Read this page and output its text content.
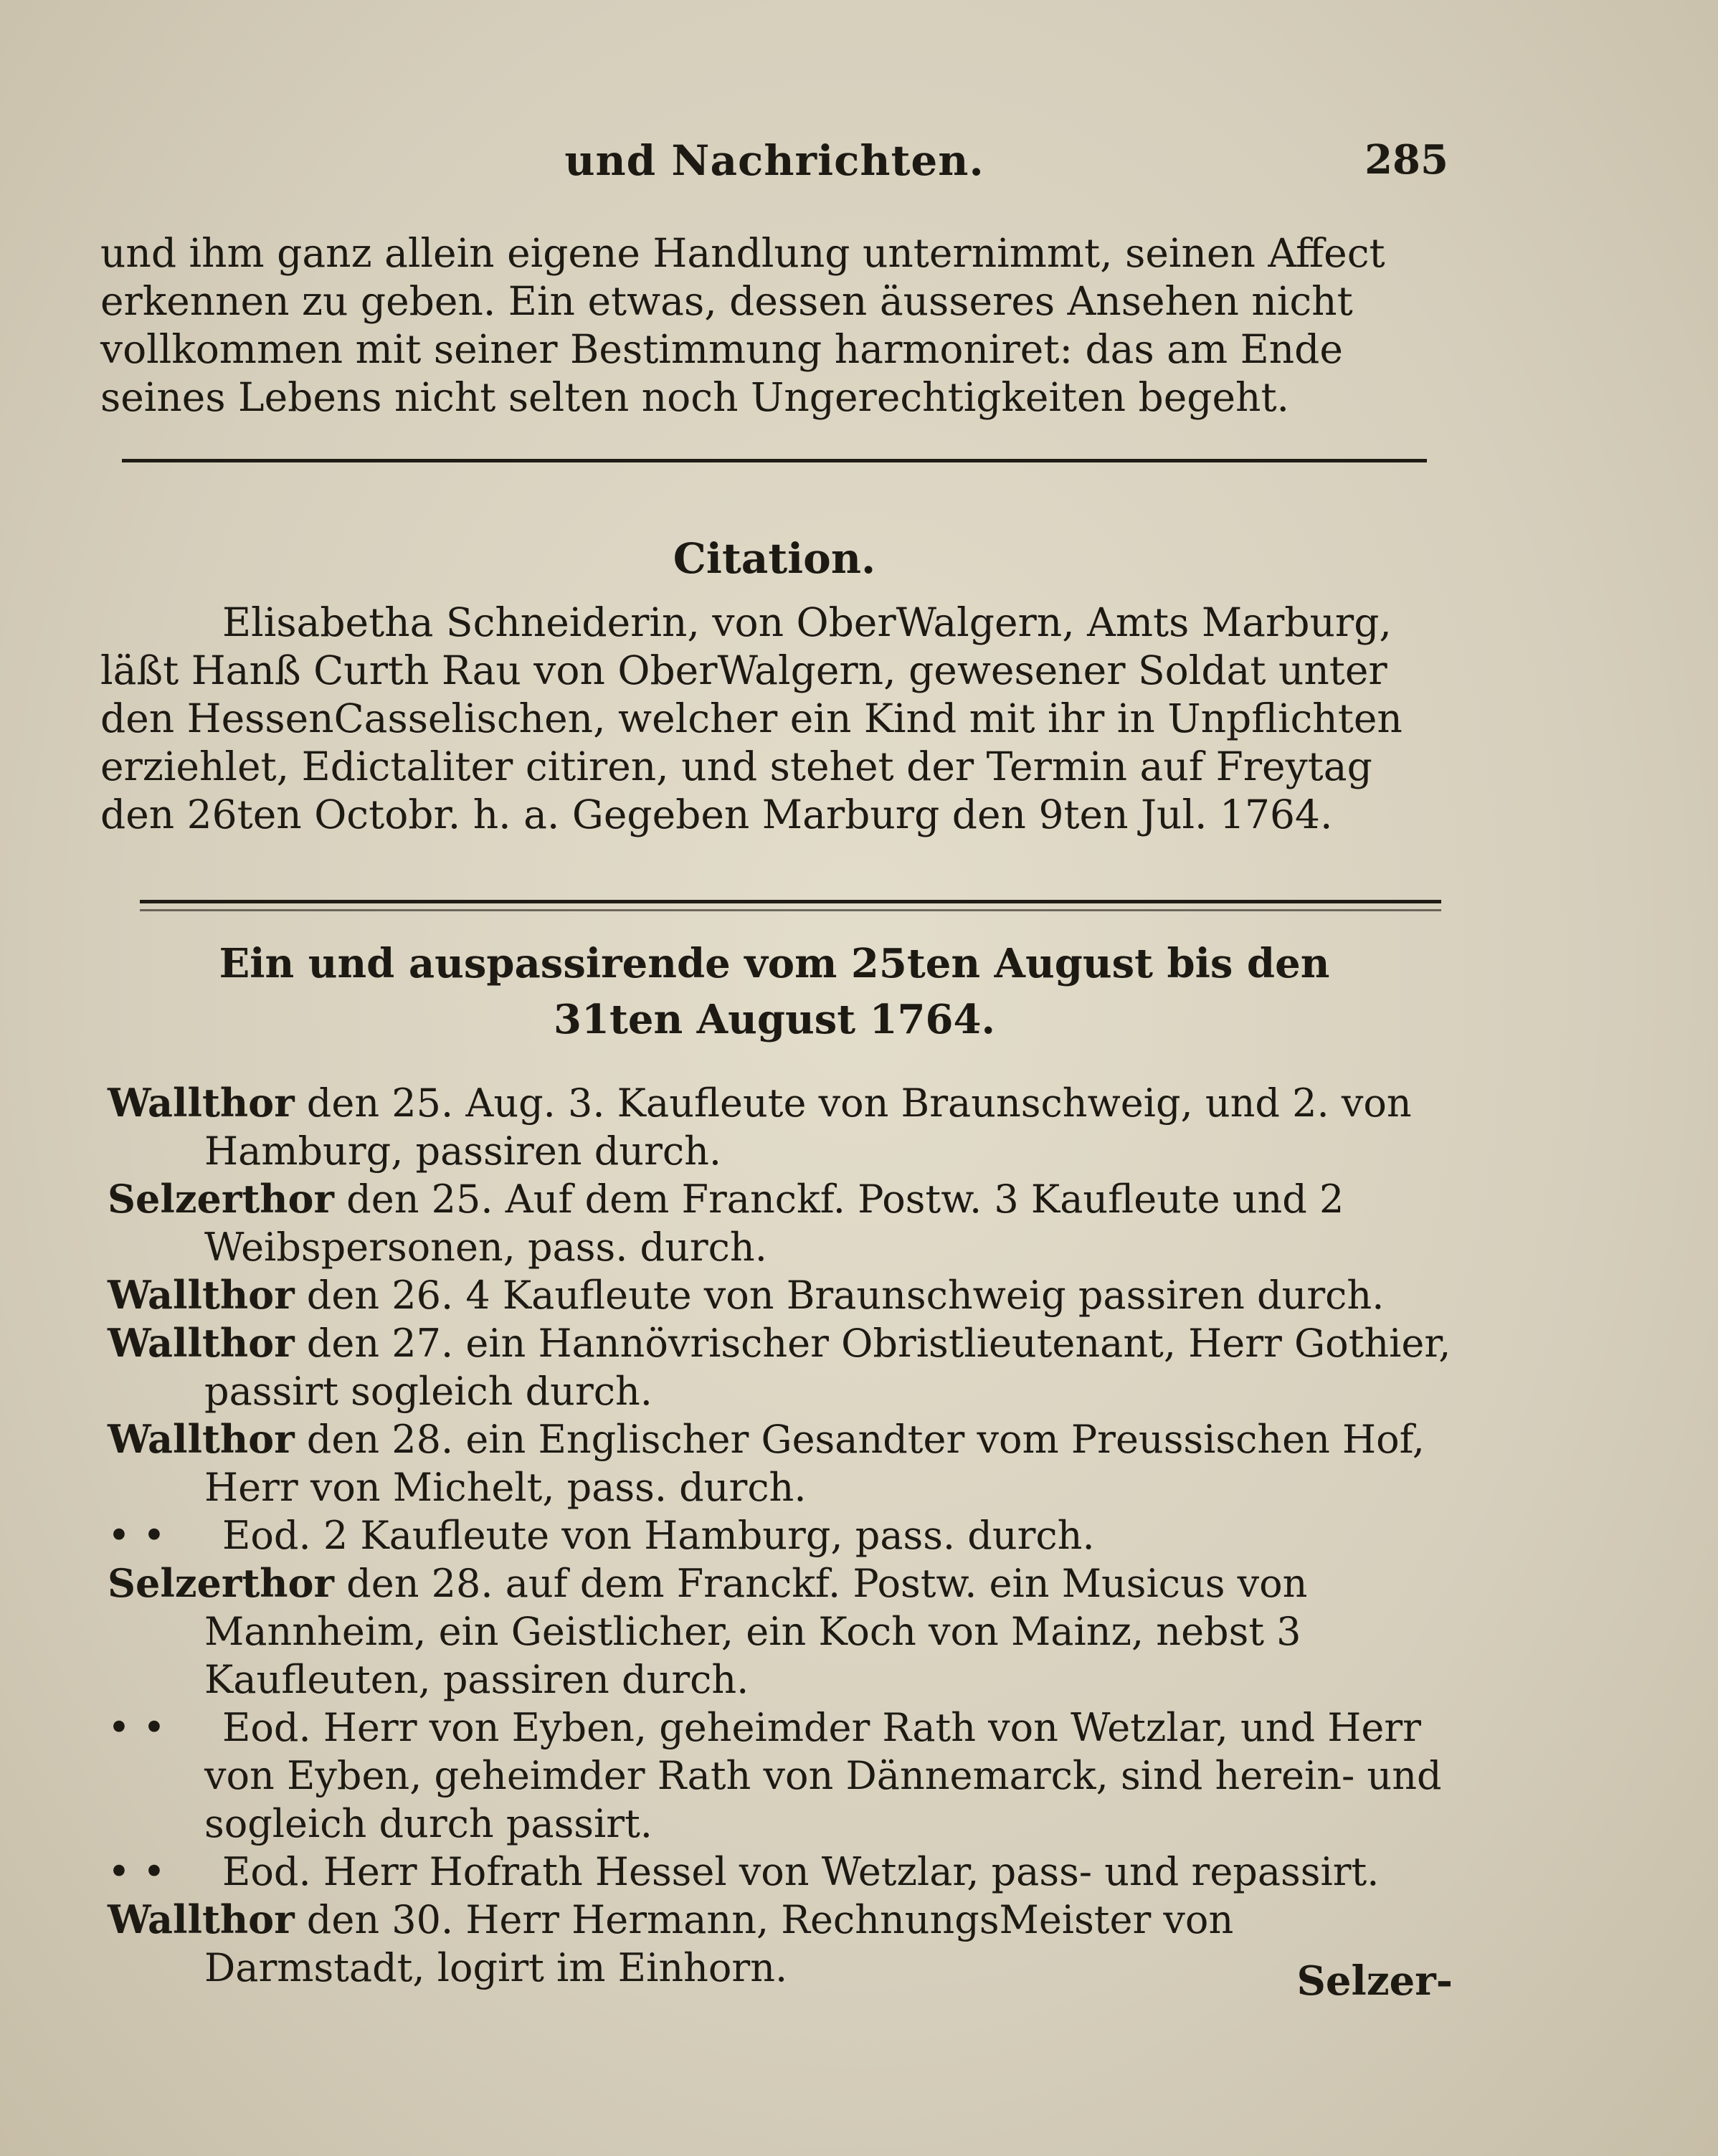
und Nachrichten.	285
und ihm ganz allein eigene Handlung unternimmt, seinen Affect erkennen zu geben. Ein etwas, dessen äusseres Ansehen nicht vollkommen mit seiner Bestimmung harmoniret: das am Ende seines Lebens nicht selten noch Ungerechtigkeiten begeht.
Citation.
Elisabetha Schneiderin, von OberWalgern, Amts Marburg, läßt Hanß Curth Rau von OberWalgern, gewesener Soldat unter den HessenCasselischen, welcher ein Kind mit ihr in Unpflichten erziehlet, Edictaliter citiren, und stehet der Termin auf Freytag den 26ten Octobr. h. a. Gegeben Marburg den 9ten Jul. 1764.
Ein und auspassirende vom 25ten August bis den
31ten August 1764.

Wallthor den 25. Aug. 3. Kaufleute von Braunschweig, und 2. von Hamburg, passiren durch.

Selzerthor den 25. Auf dem Franckf. Postw. 3 Kaufleute und 2 Weibspersonen, pass. durch.

Wallthor den 26. 4 Kaufleute von Braunschweig passiren durch.

Wallthor den 27. ein Hannövrischer Obristlieutenant, Herr Gothier, passirt sogleich durch.

Wallthor den 28. ein Englischer Gesandter vom Preussischen Hof, Herr von Michelt, pass. durch.

• • Eod. 2 Kaufleute von Hamburg, pass. durch.

Selzerthor den 28. auf dem Franckf. Postw. ein Musicus von Mannheim, ein Geistlicher, ein Koch von Mainz, nebst 3 Kaufleuten, passiren durch.

• • Eod. Herr von Eyben, geheimder Rath von Wetzlar, und Herr von Eyben, geheimder Rath von Dännemarck, sind herein- und sogleich durch passirt.

• • Eod. Herr Hofrath Hessel von Wetzlar, pass- und repassirt.

Wallthor den 30. Herr Hermann, RechnungsMeister von Darmstadt, logirt im Einhorn.	Selzer-
